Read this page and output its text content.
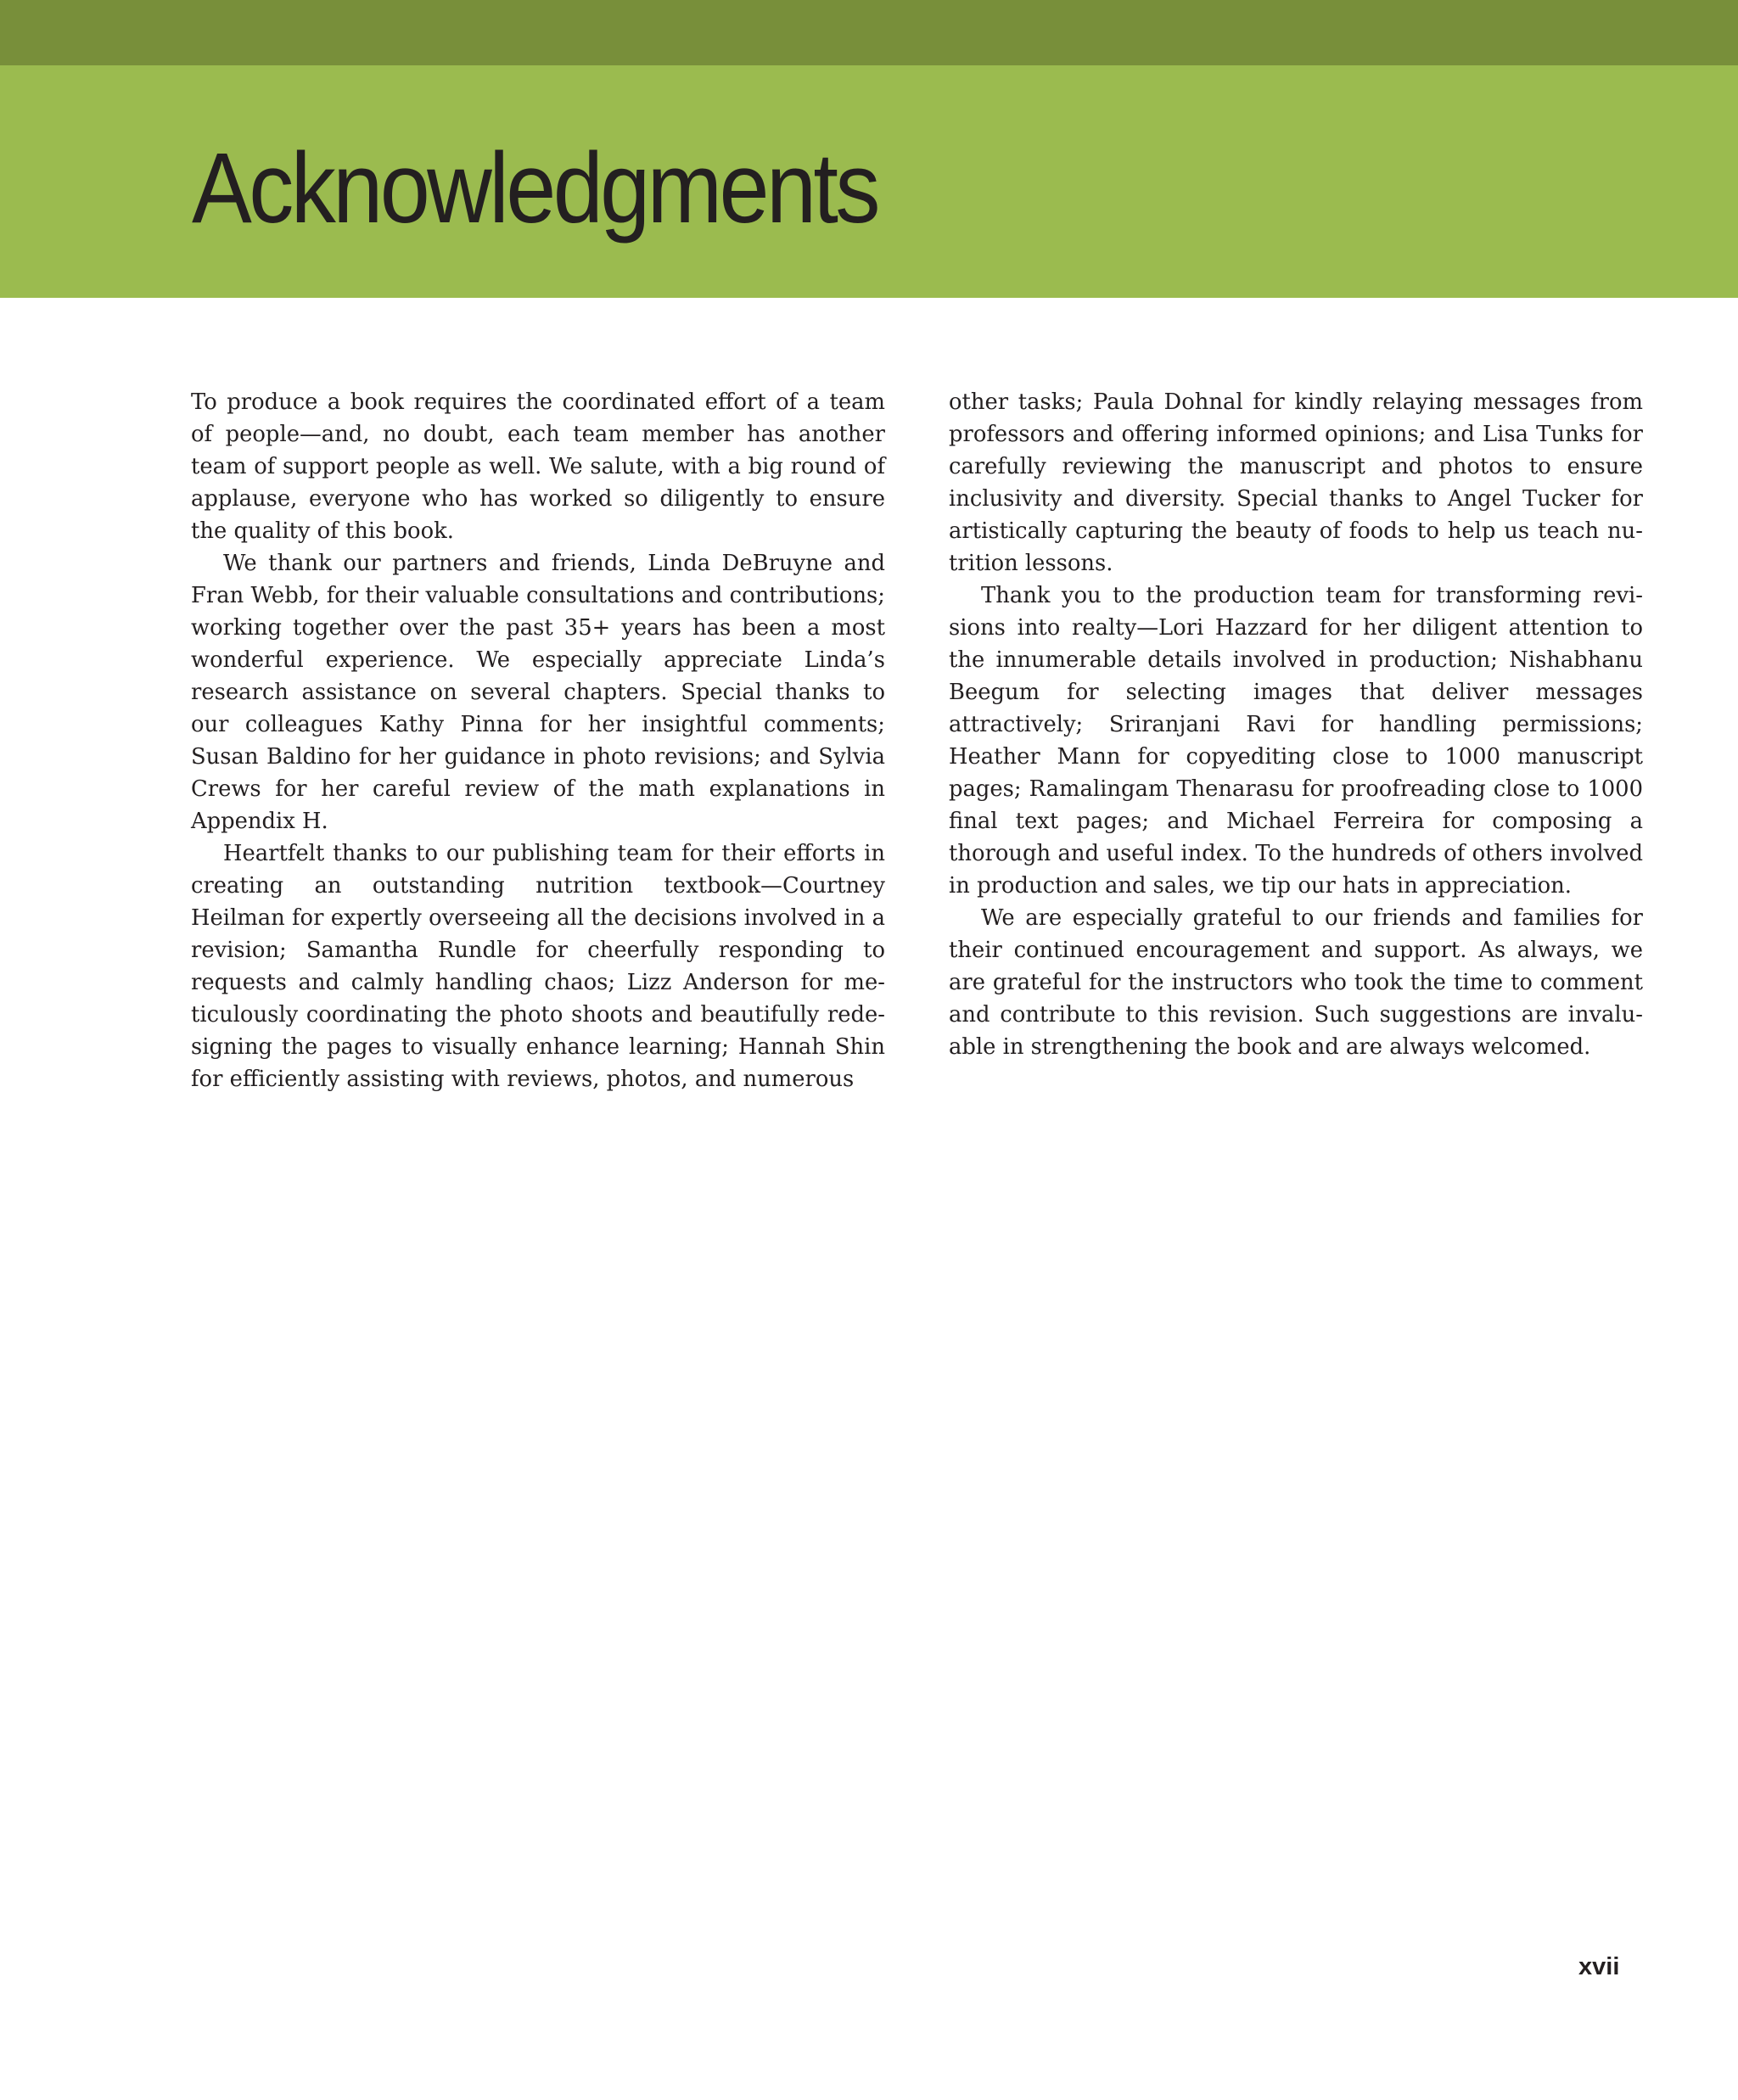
Acknowledgments

To produce a book requires the coordinated effort of a team of people—and, no doubt, each team member has another team of support people as well. We salute, with a big round of applause, everyone who has worked so diligently to ensure the quality of this book.

We thank our partners and friends, Linda DeBruyne and Fran Webb, for their valuable consultations and contributions; working together over the past 35+ years has been a most wonderful experience. We especially appreciate Linda’s research assistance on several chapters. Special thanks to our colleagues Kathy Pinna for her insightful comments; Susan Baldino for her guidance in photo revisions; and Sylvia Crews for her careful review of the math explanations in Appendix H.

Heartfelt thanks to our publishing team for their efforts in creating an outstanding nutrition textbook—Courtney Heilman for expertly overseeing all the decisions involved in a revision; Samantha Rundle for cheerfully responding to requests and calmly handling chaos; Lizz Anderson for meticulously coordinating the photo shoots and beautifully redesigning the pages to visually enhance learning; Hannah Shin for efficiently assisting with reviews, photos, and numerous

other tasks; Paula Dohnal for kindly relaying messages from professors and offering informed opinions; and Lisa Tunks for carefully reviewing the manuscript and photos to ensure inclusivity and diversity. Special thanks to Angel Tucker for artistically capturing the beauty of foods to help us teach nutrition lessons.

Thank you to the production team for transforming revisions into realty—Lori Hazzard for her diligent attention to the innumerable details involved in production; Nishabhanu Beegum for selecting images that deliver messages attractively; Sriranjani Ravi for handling permissions; Heather Mann for copyediting close to 1000 manuscript pages; Ramalingam Thenarasu for proofreading close to 1000 final text pages; and Michael Ferreira for composing a thorough and useful index. To the hundreds of others involved in production and sales, we tip our hats in appreciation.

We are especially grateful to our friends and families for their continued encouragement and support. As always, we are grateful for the instructors who took the time to comment and contribute to this revision. Such suggestions are invaluable in strengthening the book and are always welcomed.

xvii
